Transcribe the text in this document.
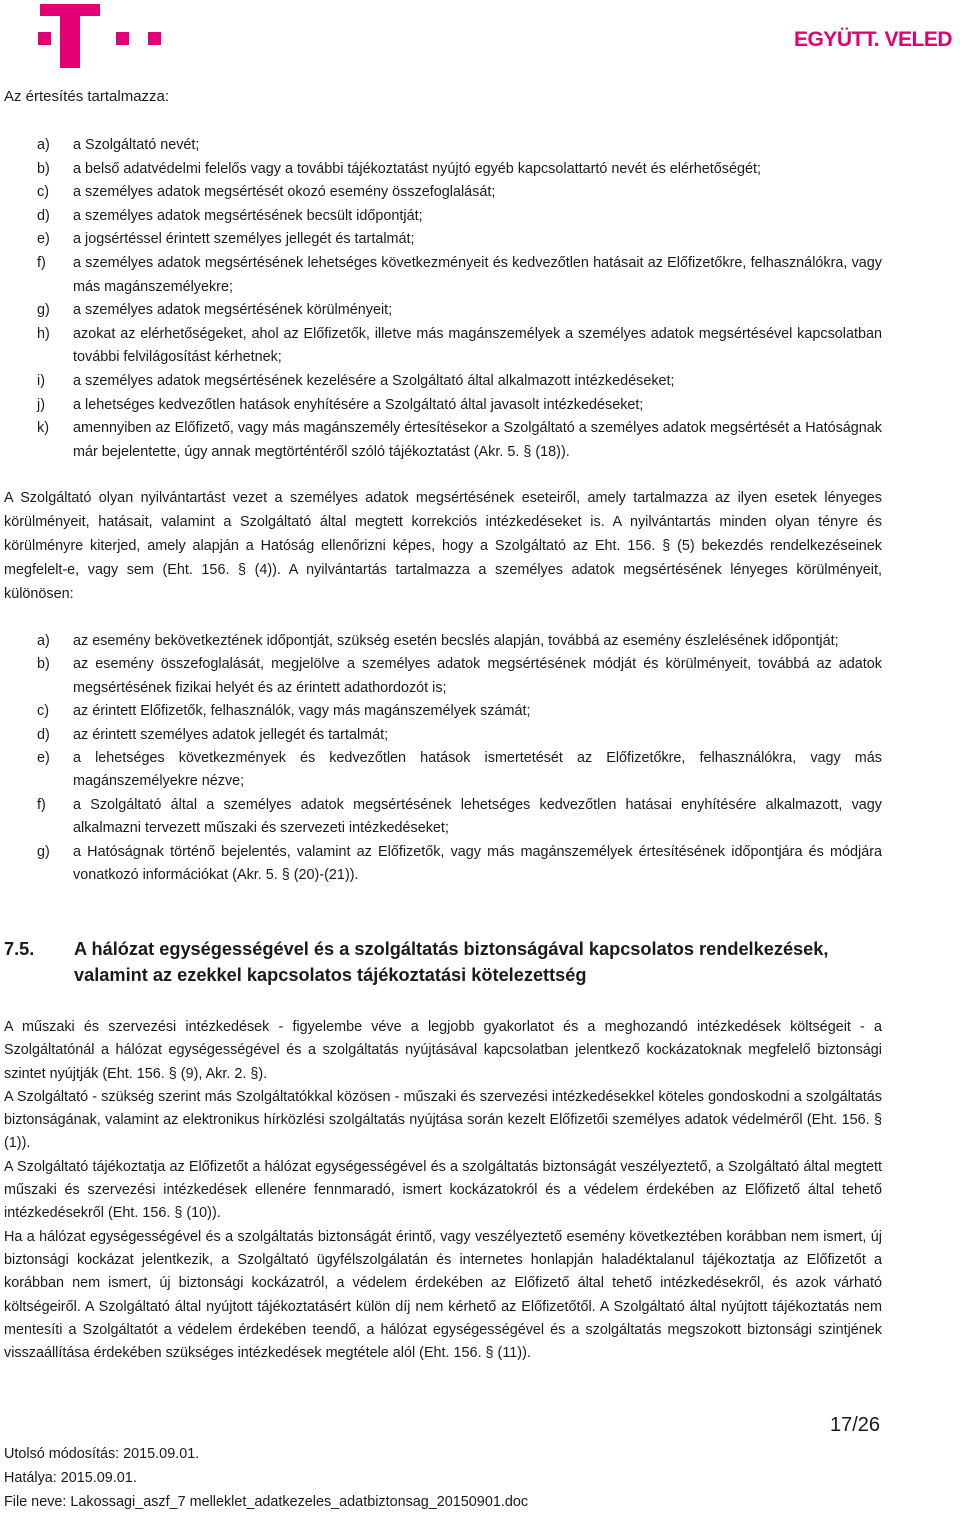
EGYÜTT. VELED
Az értesítés tartalmazza:
a)	a Szolgáltató nevét;
b)	a belső adatvédelmi felelős vagy a további tájékoztatást nyújtó egyéb kapcsolattartó nevét és elérhetőségét;
c)	a személyes adatok megsértését okozó esemény összefoglalását;
d)	a személyes adatok megsértésének becsült időpontját;
e)	a jogsértéssel érintett személyes jellegét és tartalmát;
f)	a személyes adatok megsértésének lehetséges következményeit és kedvezőtlen hatásait az Előfizetőkre, felhasználókra, vagy más magánszemélyekre;
g)	a személyes adatok megsértésének körülményeit;
h)	azokat az elérhetőségeket, ahol az Előfizetők, illetve más magánszemélyek a személyes adatok megsértésével kapcsolatban további felvilágosítást kérhetnek;
i)	a személyes adatok megsértésének kezelésére a Szolgáltató által alkalmazott intézkedéseket;
j)	a lehetséges kedvezőtlen hatások enyhítésére a Szolgáltató által javasolt intézkedéseket;
k)	amennyiben az Előfizető, vagy más magánszemély értesítésekor a Szolgáltató a személyes adatok megsértését a Hatóságnak már bejelentette, úgy annak megtörténtéről szóló tájékoztatást (Akr. 5. § (18)).
A Szolgáltató olyan nyilvántartást vezet a személyes adatok megsértésének eseteiről, amely tartalmazza az ilyen esetek lényeges körülményeit, hatásait, valamint a Szolgáltató által megtett korrekciós intézkedéseket is. A nyilvántartás minden olyan tényre és körülményre kiterjed, amely alapján a Hatóság ellenőrizni képes, hogy a Szolgáltató az Eht. 156. § (5) bekezdés rendelkezéseinek megfelelt-e, vagy sem (Eht. 156. § (4)). A nyilvántartás tartalmazza a személyes adatok megsértésének lényeges körülményeit, különösen:
a)	az esemény bekövetkeztének időpontját, szükség esetén becslés alapján, továbbá az esemény észlelésének időpontját;
b)	az esemény összefoglalását, megjelölve a személyes adatok megsértésének módját és körülményeit, továbbá az adatok megsértésének fizikai helyét és az érintett adathordozót is;
c)	az érintett Előfizetők, felhasználók, vagy más magánszemélyek számát;
d)	az érintett személyes adatok jellegét és tartalmát;
e)	a lehetséges következmények és kedvezőtlen hatások ismertetését az Előfizetőkre, felhasználókra, vagy más magánszemélyekre nézve;
f)	a Szolgáltató által a személyes adatok megsértésének lehetséges kedvezőtlen hatásai enyhítésére alkalmazott, vagy alkalmazni tervezett műszaki és szervezeti intézkedéseket;
g)	a Hatóságnak történő bejelentés, valamint az Előfizetők, vagy más magánszemélyek értesítésének időpontjára és módjára vonatkozó információkat (Akr. 5. § (20)-(21)).
7.5.	A hálózat egységességével és a szolgáltatás biztonságával kapcsolatos rendelkezések, valamint az ezekkel kapcsolatos tájékoztatási kötelezettség

A műszaki és szervezési intézkedések - figyelembe véve a legjobb gyakorlatot és a meghozandó intézkedések költségeit - a Szolgáltatónál a hálózat egységességével és a szolgáltatás nyújtásával kapcsolatban jelentkező kockázatoknak megfelelő biztonsági szintet nyújtják (Eht. 156. § (9), Akr. 2. §).

A Szolgáltató - szükség szerint más Szolgáltatókkal közösen - műszaki és szervezési intézkedésekkel köteles gondoskodni a szolgáltatás biztonságának, valamint az elektronikus hírközlési szolgáltatás nyújtása során kezelt Előfizetői személyes adatok védelméről (Eht. 156. § (1)).

A Szolgáltató tájékoztatja az Előfizetőt a hálózat egységességével és a szolgáltatás biztonságát veszélyeztető, a Szolgáltató által megtett műszaki és szervezési intézkedések ellenére fennmaradó, ismert kockázatokról és a védelem érdekében az Előfizető által tehető intézkedésekről (Eht. 156. § (10)).

Ha a hálózat egységességével és a szolgáltatás biztonságát érintő, vagy veszélyeztető esemény következtében korábban nem ismert, új biztonsági kockázat jelentkezik, a Szolgáltató ügyfélszolgálatán és internetes honlapján haladéktalanul tájékoztatja az Előfizetőt a korábban nem ismert, új biztonsági kockázatról, a védelem érdekében az Előfizető által tehető intézkedésekről, és azok várható költségeiről. A Szolgáltató által nyújtott tájékoztatásért külön díj nem kérhető az Előfizetőtől. A Szolgáltató által nyújtott tájékoztatás nem mentesíti a Szolgáltatót a védelem érdekében teendő, a hálózat egységességével és a szolgáltatás megszokott biztonsági szintjének visszaállítása érdekében szükséges intézkedések megtétele alól (Eht. 156. § (11)).

17/26
Utolsó módosítás: 2015.09.01.
Hatálya: 2015.09.01.
File neve: Lakossagi_aszf_7 melleklet_adatkezeles_adatbiztonsag_20150901.doc
